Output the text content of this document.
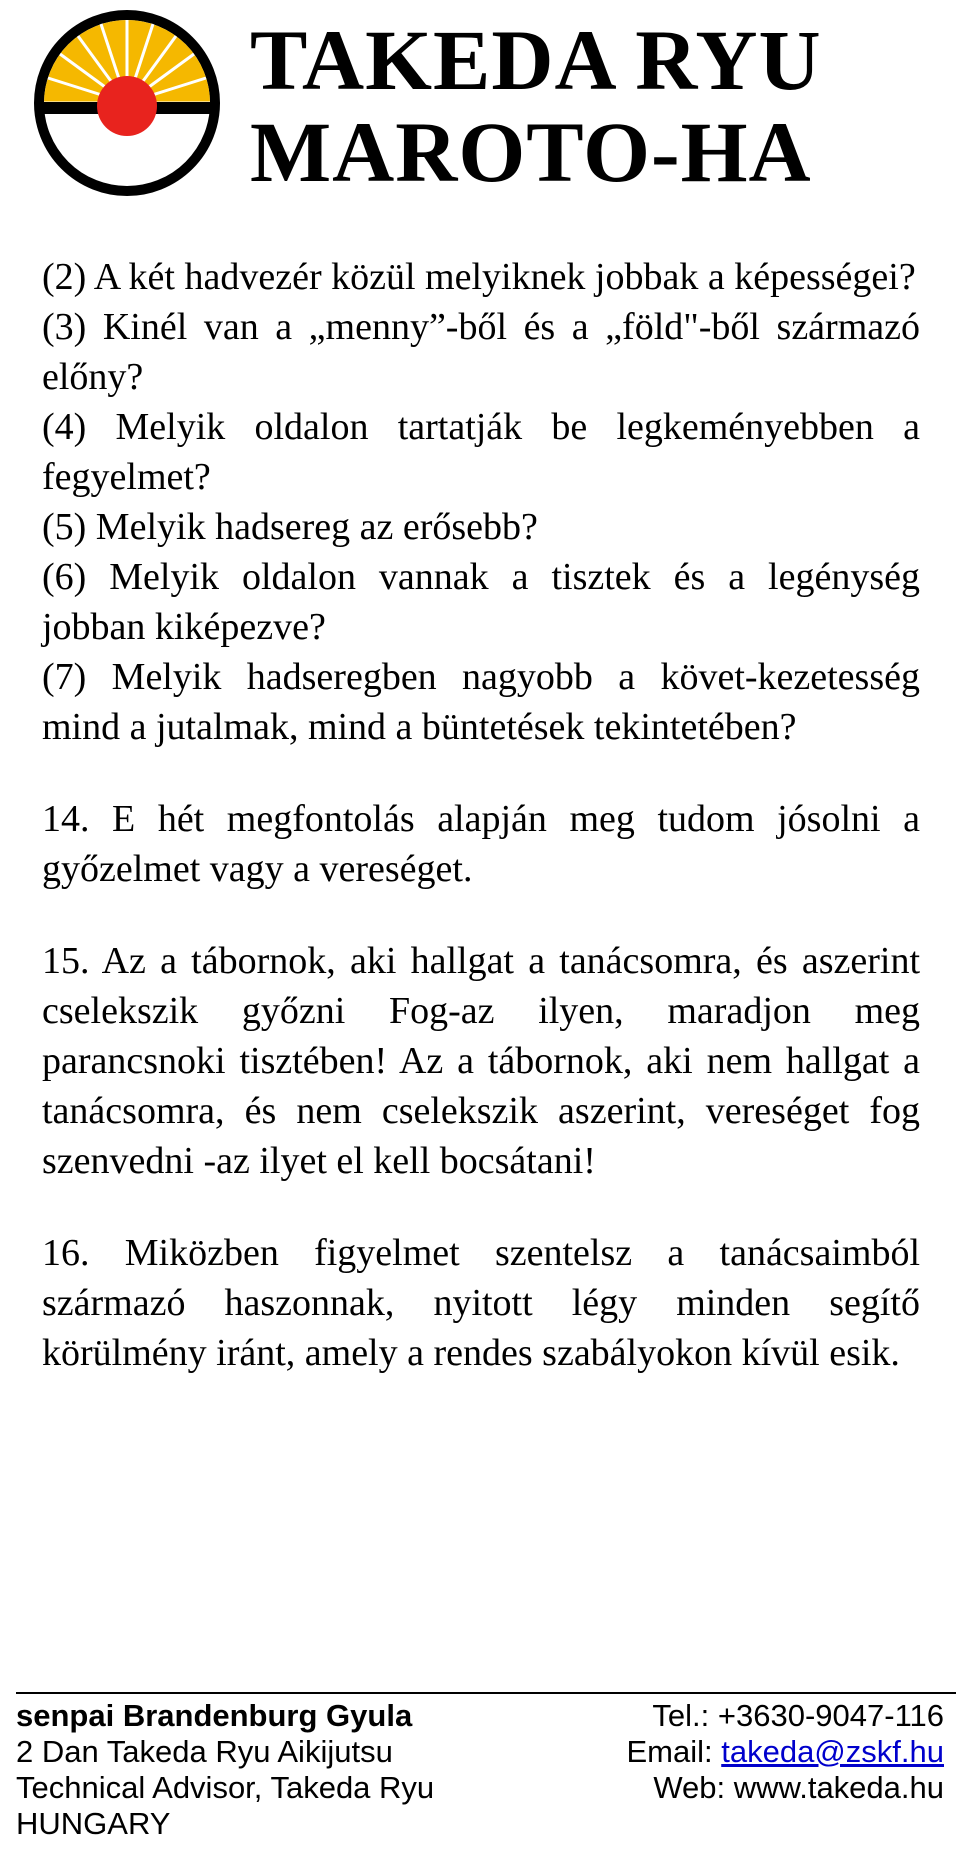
TAKEDA RYU
MAROTO-HA

(2) A két hadvezér közül melyiknek jobbak a képességei?

(3) Kinél van a „menny”-ből és a „föld"-ből származó előny?

(4) Melyik oldalon tartatják be legkeményebben a fegyelmet?

(5) Melyik hadsereg az erősebb?

(6) Melyik oldalon vannak a tisztek és a legénység jobban kiképezve?

(7) Melyik hadseregben nagyobb a követ-kezetesség mind a jutalmak, mind a büntetések tekintetében?

14. E hét megfontolás alapján meg tudom jósolni a győzelmet vagy a vereséget.

15. Az a tábornok, aki hallgat a tanácsomra, és aszerint cselekszik győzni Fog-az ilyen, maradjon meg parancsnoki tisztében! Az a tábornok, aki nem hallgat a tanácsomra, és nem cselekszik aszerint, vereséget fog szenvedni -az ilyet el kell bocsátani!

16. Miközben figyelmet szentelsz a tanácsaimból származó haszonnak, nyitott légy minden segítő körülmény iránt, amely a rendes szabályokon kívül esik.

senpai Brandenburg Gyula
2 Dan Takeda Ryu Aikijutsu
Technical Advisor, Takeda Ryu
HUNGARY
Tel.: +3630-9047-116
Email: takeda@zskf.hu
Web: www.takeda.hu
